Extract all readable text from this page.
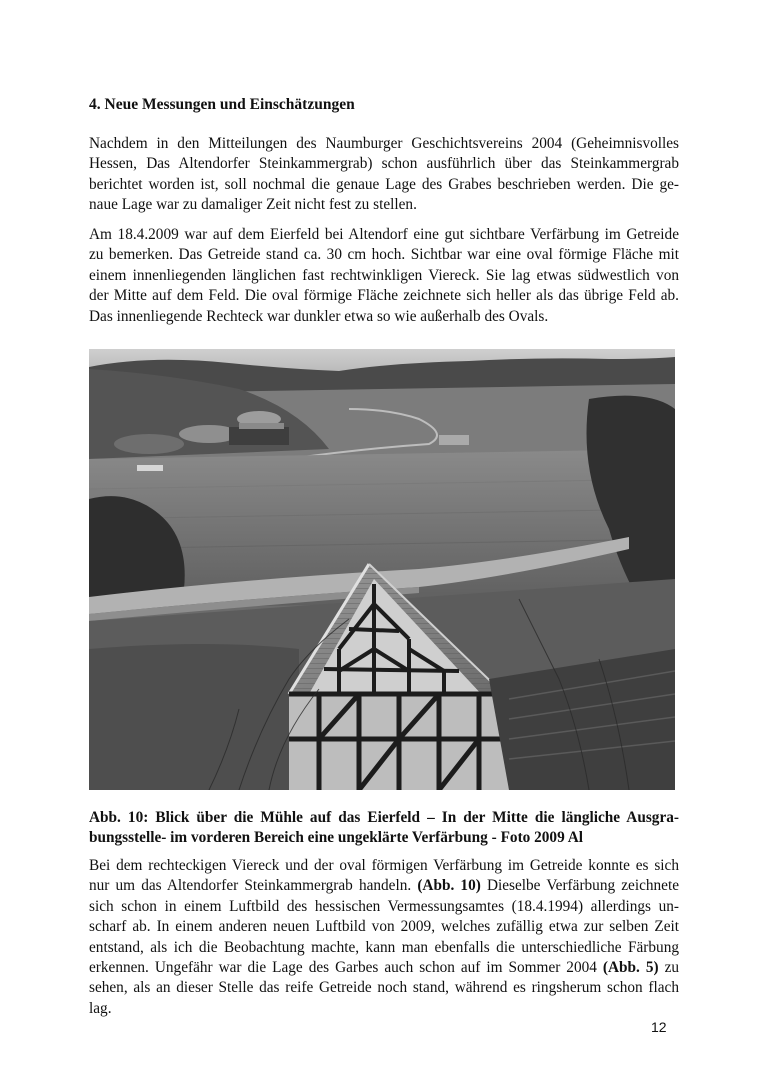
4. Neue Messungen und Einschätzungen
Nachdem in den Mitteilungen des Naumburger Geschichtsvereins 2004 (Geheimnisvolles
Hessen, Das Altendorfer Steinkammergrab) schon ausführlich über das Steinkammergrab
berichtet worden ist, soll nochmal die genaue Lage des Grabes beschrieben werden. Die ge-
naue Lage war zu damaliger Zeit nicht fest zu stellen.
Am 18.4.2009 war auf dem Eierfeld bei Altendorf eine gut sichtbare Verfärbung im Getreide
zu bemerken. Das Getreide stand ca. 30 cm hoch. Sichtbar war eine oval förmige Fläche mit
einem innenliegenden länglichen fast rechtwinkligen Viereck. Sie lag etwas südwestlich von
der Mitte auf dem Feld. Die oval förmige Fläche zeichnete sich heller als das übrige Feld ab.
Das innenliegende Rechteck war dunkler etwa so wie außerhalb des Ovals.
Abb. 10: Blick über die Mühle auf das Eierfeld – In der Mitte die längliche Ausgra-
bungsstelle- im vorderen Bereich eine ungeklärte Verfärbung - Foto 2009 Al
Bei dem rechteckigen Viereck und der oval förmigen Verfärbung im Getreide konnte es sich
nur um das Altendorfer Steinkammergrab handeln. (Abb. 10) Dieselbe Verfärbung zeichnete
sich schon in einem Luftbild des hessischen Vermessungsamtes (18.4.1994) allerdings un-
scharf ab. In einem anderen neuen Luftbild von 2009, welches zufällig etwa zur selben Zeit
entstand, als ich die Beobachtung machte, kann man ebenfalls die unterschiedliche Färbung
erkennen. Ungefähr war die Lage des Garbes auch schon auf im Sommer 2004 (Abb. 5) zu
sehen, als an dieser Stelle das reife Getreide noch stand, während es ringsherum schon flach
lag.
12
